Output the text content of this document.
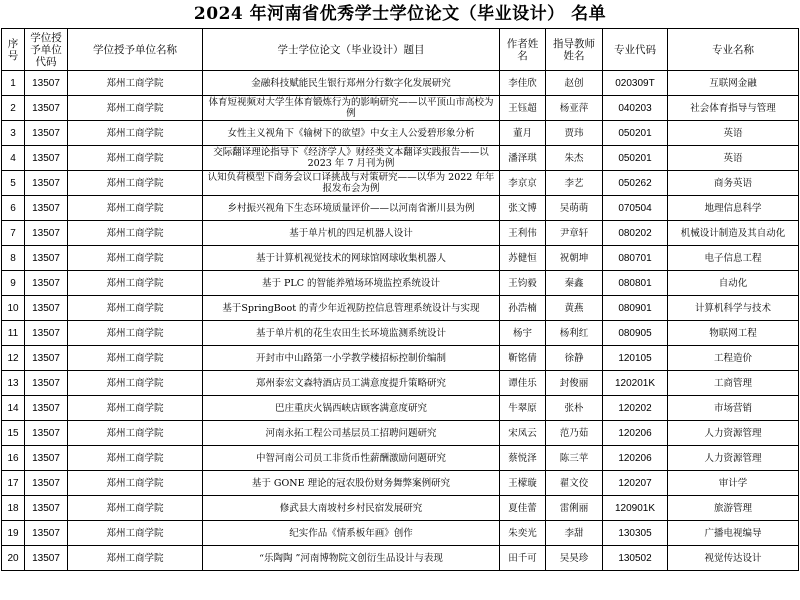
2024 年河南省优秀学士学位论文（毕业设计） 名单
序号	学位授予单位代码	学位授予单位名称	学士学位论文（毕业设计）题目	作者姓名	指导教师姓名	专业代码	专业名称
1	13507	郑州工商学院	金融科技赋能民生银行郑州分行数字化发展研究	李佳欣	赵创	020309T	互联网金融
2	13507	郑州工商学院	体育短视频对大学生体育锻炼行为的影响研究——以平顶山市高校为例	王钰超	杨亚萍	040203	社会体育指导与管理
3	13507	郑州工商学院	女性主义视角下《输树下的欲望》中女主人公爱碧形象分析	董月	贾玮	050201	英语
4	13507	郑州工商学院	交际翻译理论指导下《经济学人》财经类文本翻译实践报告——以 2023 年 7 月刊为例	潘泽琪	朱杰	050201	英语
5	13507	郑州工商学院	认知负荷模型下商务会议口译挑战与对策研究——以华为 2022 年年报发布会为例	李京京	李艺	050262	商务英语
6	13507	郑州工商学院	乡村振兴视角下生态环境质量评价——以河南省淅川县为例	张文博	吴萌萌	070504	地理信息科学
7	13507	郑州工商学院	基于单片机的四足机器人设计	王利伟	尹章轩	080202	机械设计制造及其自动化
8	13507	郑州工商学院	基于计算机视觉技术的网球馆网球收集机器人	苏健恒	祝朝坤	080701	电子信息工程
9	13507	郑州工商学院	基于 PLC 的智能养殖场环境监控系统设计	王钧毅	秦鑫	080801	自动化
10	13507	郑州工商学院	基于SpringBoot 的青少年近视防控信息管理系统设计与实现	孙浩楠	黄燕	080901	计算机科学与技术
11	13507	郑州工商学院	基于单片机的花生农田生长环境监测系统设计	杨宇	杨利红	080905	物联网工程
12	13507	郑州工商学院	开封市中山路第一小学教学楼招标控制价编制	靳铭倩	徐静	120105	工程造价
13	13507	郑州工商学院	郑州泰宏文森特酒店员工满意度提升策略研究	谭佳乐	封俊丽	120201K	工商管理
14	13507	郑州工商学院	巴庄重庆火锅西峡店顾客满意度研究	牛翠原	张朴	120202	市场营销
15	13507	郑州工商学院	河南永拓工程公司基层员工招聘问题研究	宋凤云	范乃茹	120206	人力资源管理
16	13507	郑州工商学院	中智河南公司员工非货币性薪酬激励问题研究	蔡悦泽	陈三苹	120206	人力资源管理
17	13507	郑州工商学院	基于 GONE 理论的冠农股份财务舞弊案例研究	王檬璇	翟文佼	120207	审计学
18	13507	郑州工商学院	修武县大南坡村乡村民宿发展研究	夏佳蕾	雷俐丽	120901K	旅游管理
19	13507	郑州工商学院	纪实作品《情系板年画》创作	朱奕光	李甜	130305	广播电视编导
20	13507	郑州工商学院	“乐陶陶 ”河南博物院文创衍生品设计与表现	田千可	吴昊珍	130502	视觉传达设计
